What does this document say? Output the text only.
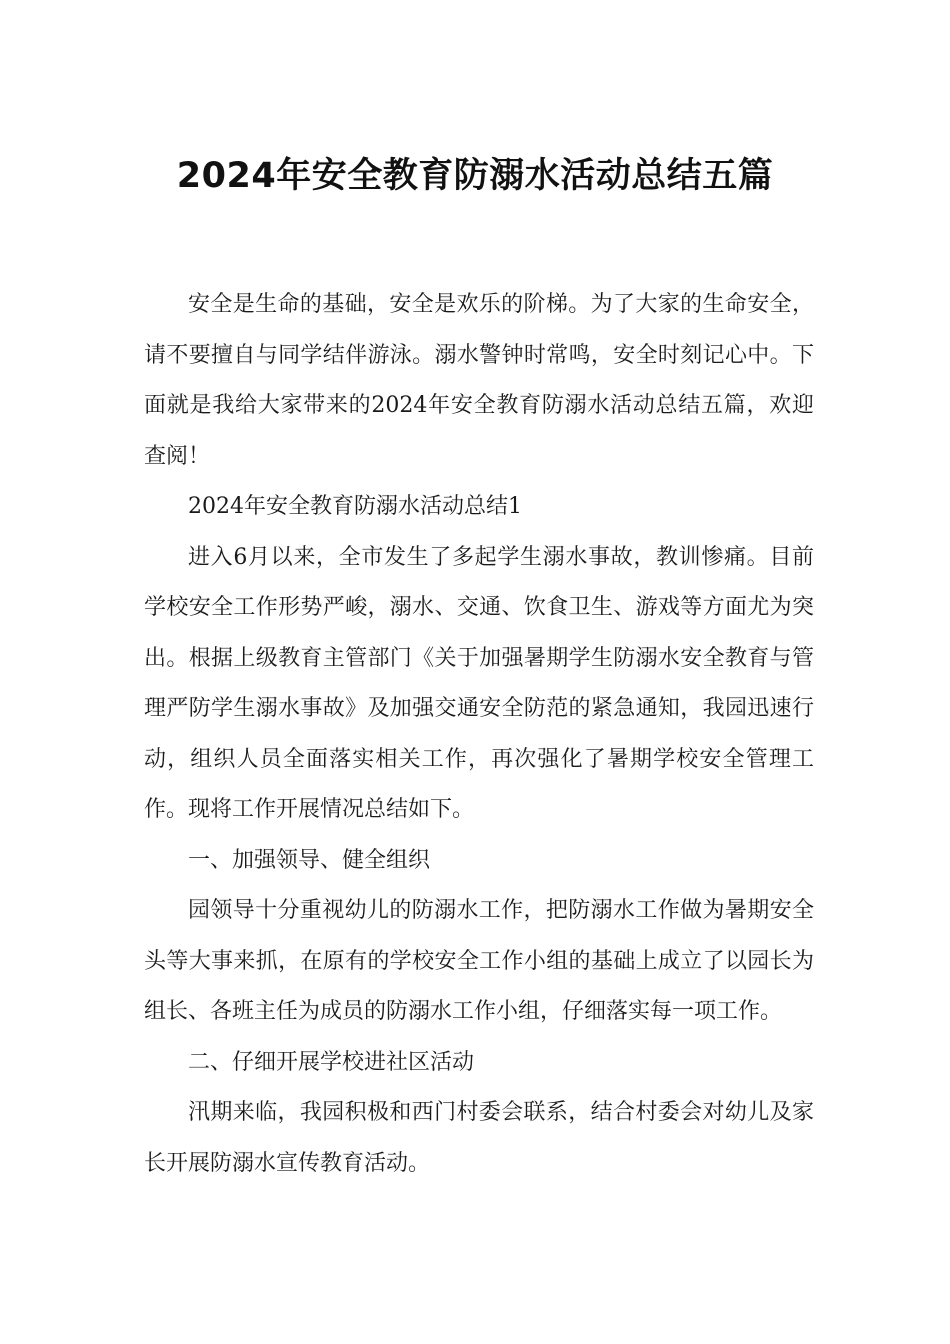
2024年安全教育防溺水活动总结五篇

安全是生命的基础，安全是欢乐的阶梯。为了大家的生命安全，请不要擅自与同学结伴游泳。溺水警钟时常鸣，安全时刻记心中。下面就是我给大家带来的2024年安全教育防溺水活动总结五篇，欢迎查阅！

2024年安全教育防溺水活动总结1

进入6月以来，全市发生了多起学生溺水事故，教训惨痛。目前学校安全工作形势严峻，溺水、交通、饮食卫生、游戏等方面尤为突出。根据上级教育主管部门《关于加强暑期学生防溺水安全教育与管理严防学生溺水事故》及加强交通安全防范的紧急通知，我园迅速行动，组织人员全面落实相关工作，再次强化了暑期学校安全管理工作。现将工作开展情况总结如下。

一、加强领导、健全组织

园领导十分重视幼儿的防溺水工作，把防溺水工作做为暑期安全头等大事来抓，在原有的学校安全工作小组的基础上成立了以园长为组长、各班主任为成员的防溺水工作小组，仔细落实每一项工作。

二、仔细开展学校进社区活动

汛期来临，我园积极和西门村委会联系，结合村委会对幼儿及家长开展防溺水宣传教育活动。
